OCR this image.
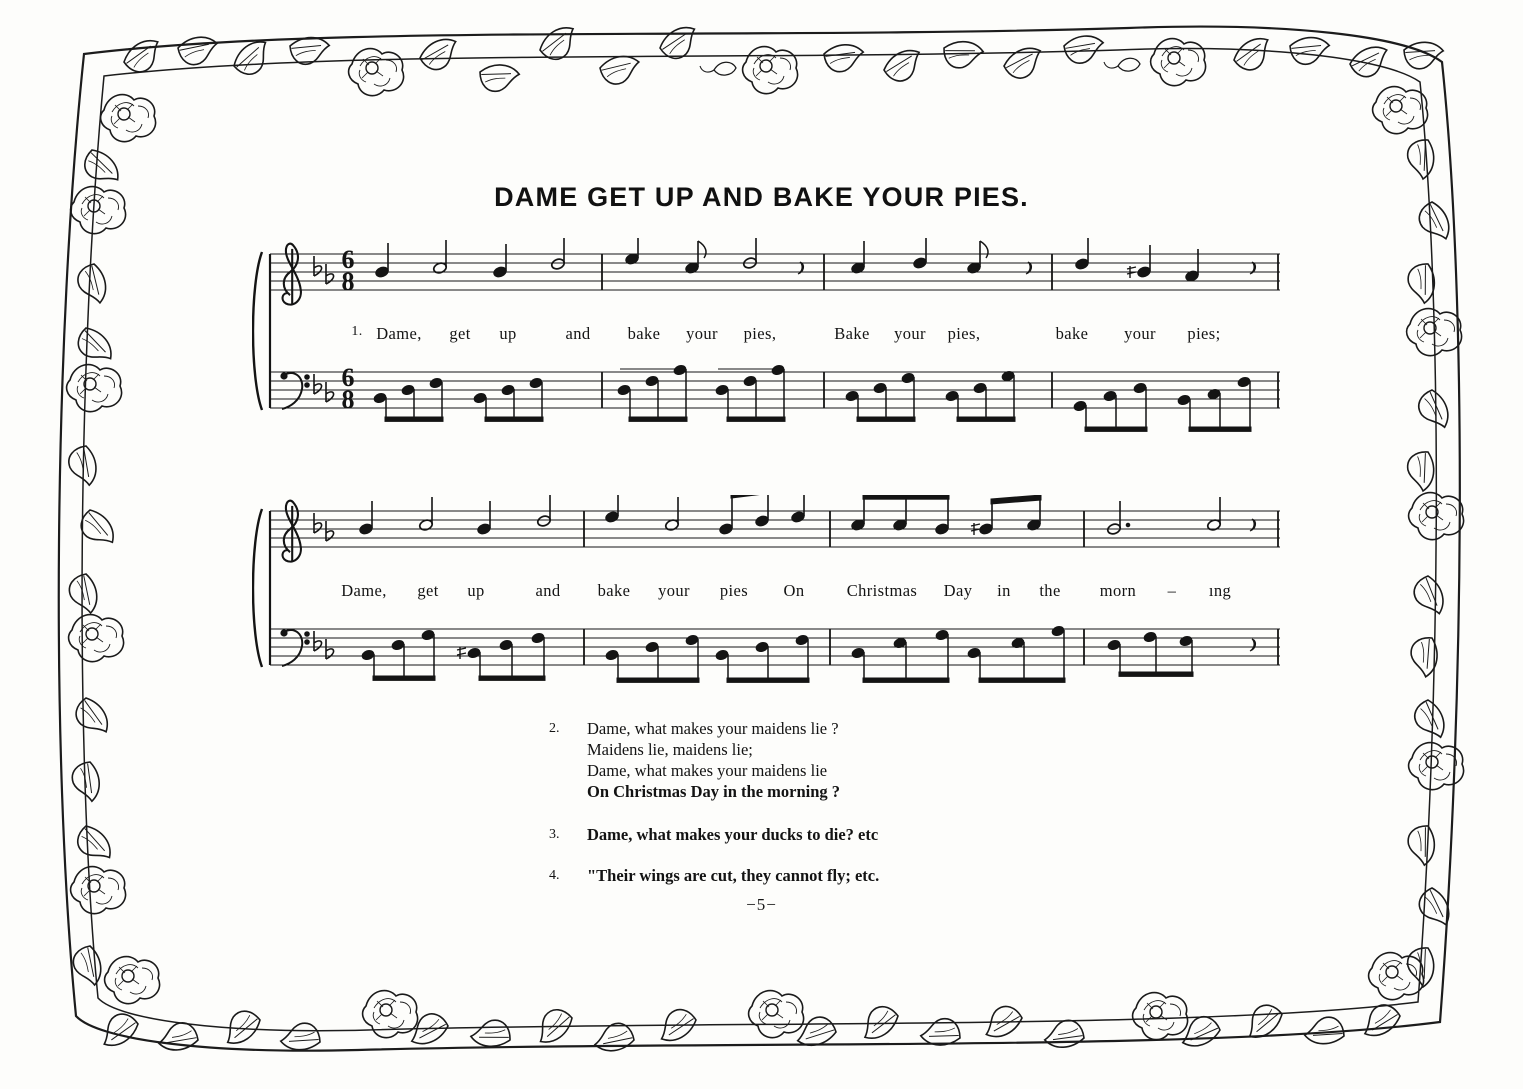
DAME GET UP AND BAKE YOUR PIES.
6
8
6
8
1. Dame, get up	and bake your pies,	Bake your pies,	bake your pies;
Dame, get up	and bake your pies On	Christmas Day in the morn – ıng
2.	Dame, what makes your maidens lie ?
Maidens lie, maidens lie;
Dame, what makes your maidens lie
On Christmas Day in the morning ?
3.	Dame, what makes your ducks to die? etc
4.	"Their wings are cut, they cannot fly; etc.
−5−
